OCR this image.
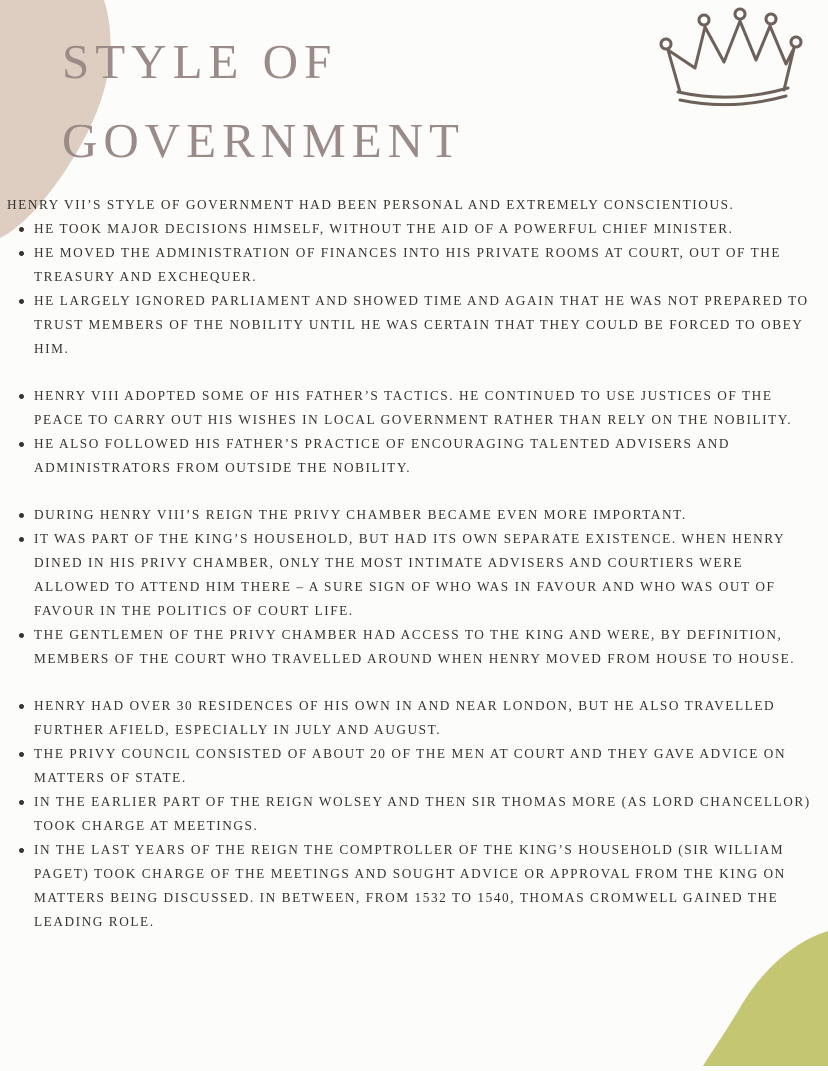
STYLE OF
GOVERNMENT

HENRY VII’S STYLE OF GOVERNMENT HAD BEEN PERSONAL AND EXTREMELY CONSCIENTIOUS.

HE TOOK MAJOR DECISIONS HIMSELF, WITHOUT THE AID OF A POWERFUL CHIEF MINISTER.
HE MOVED THE ADMINISTRATION OF FINANCES INTO HIS PRIVATE ROOMS AT COURT, OUT OF THE TREASURY AND EXCHEQUER.
HE LARGELY IGNORED PARLIAMENT AND SHOWED TIME AND AGAIN THAT HE WAS NOT PREPARED TO TRUST MEMBERS OF THE NOBILITY UNTIL HE WAS CERTAIN THAT THEY COULD BE FORCED TO OBEY HIM.
HENRY VIII ADOPTED SOME OF HIS FATHER’S TACTICS. HE CONTINUED TO USE JUSTICES OF THE PEACE TO CARRY OUT HIS WISHES IN LOCAL GOVERNMENT RATHER THAN RELY ON THE NOBILITY.
HE ALSO FOLLOWED HIS FATHER’S PRACTICE OF ENCOURAGING TALENTED ADVISERS AND ADMINISTRATORS FROM OUTSIDE THE NOBILITY.
DURING HENRY VIII’S REIGN THE PRIVY CHAMBER BECAME EVEN MORE IMPORTANT.
IT WAS PART OF THE KING’S HOUSEHOLD, BUT HAD ITS OWN SEPARATE EXISTENCE. WHEN HENRY DINED IN HIS PRIVY CHAMBER, ONLY THE MOST INTIMATE ADVISERS AND COURTIERS WERE ALLOWED TO ATTEND HIM THERE – A SURE SIGN OF WHO WAS IN FAVOUR AND WHO WAS OUT OF FAVOUR IN THE POLITICS OF COURT LIFE.
THE GENTLEMEN OF THE PRIVY CHAMBER HAD ACCESS TO THE KING AND WERE, BY DEFINITION, MEMBERS OF THE COURT WHO TRAVELLED AROUND WHEN HENRY MOVED FROM HOUSE TO HOUSE.
HENRY HAD OVER 30 RESIDENCES OF HIS OWN IN AND NEAR LONDON, BUT HE ALSO TRAVELLED FURTHER AFIELD, ESPECIALLY IN JULY AND AUGUST.
THE PRIVY COUNCIL CONSISTED OF ABOUT 20 OF THE MEN AT COURT AND THEY GAVE ADVICE ON MATTERS OF STATE.
IN THE EARLIER PART OF THE REIGN WOLSEY AND THEN SIR THOMAS MORE (AS LORD CHANCELLOR) TOOK CHARGE AT MEETINGS.
IN THE LAST YEARS OF THE REIGN THE COMPTROLLER OF THE KING’S HOUSEHOLD (SIR WILLIAM PAGET) TOOK CHARGE OF THE MEETINGS AND SOUGHT ADVICE OR APPROVAL FROM THE KING ON MATTERS BEING DISCUSSED. IN BETWEEN, FROM 1532 TO 1540, THOMAS CROMWELL GAINED THE LEADING ROLE.
